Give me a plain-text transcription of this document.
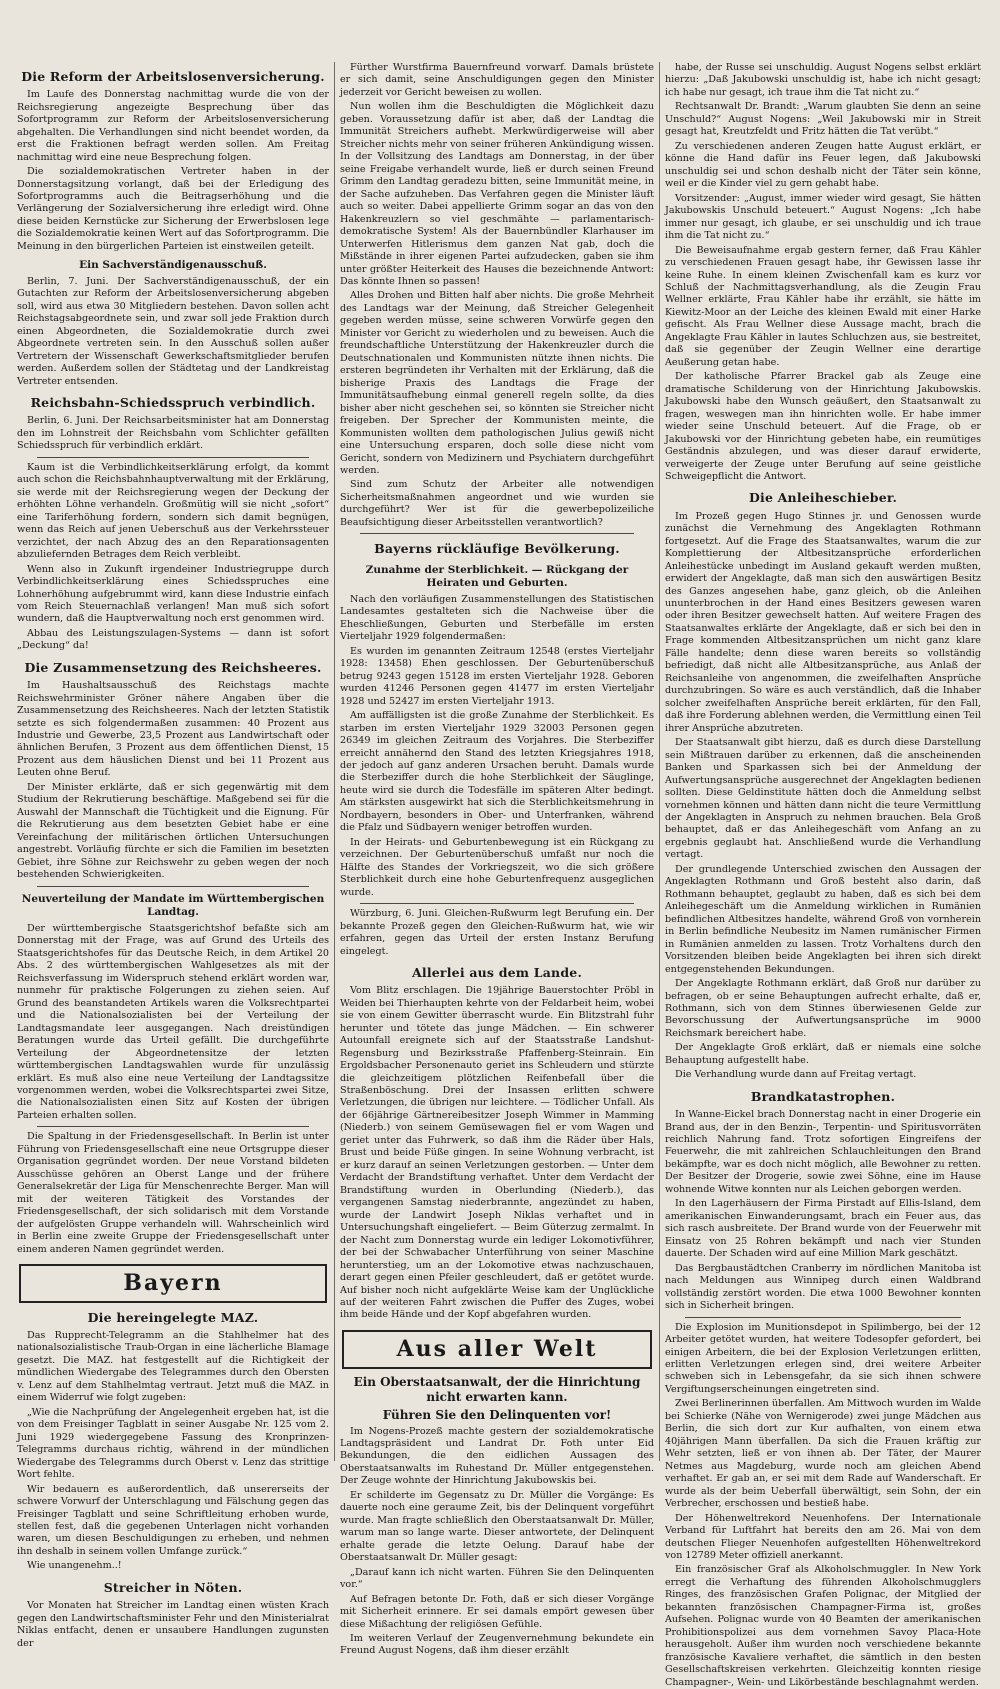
Die Reform der Arbeitslosenversicherung.

Im Laufe des Donnerstag nachmittag wurde die von der Reichsregierung angezeigte Besprechung über das Sofortprogramm zur Reform der Arbeitslosenversicherung abgehalten. Die Verhandlungen sind nicht beendet worden, da erst die Fraktionen befragt werden sollen. Am Freitag nachmittag wird eine neue Besprechung folgen.

Die sozialdemokratischen Vertreter haben in der Donnerstagsitzung vorlangt, daß bei der Erledigung des Sofortprogramms auch die Beitragserhöhung und die Verlängerung der Sozialversicherung ihre erledigt wird. Ohne diese beiden Kernstücke zur Sicherung der Erwerbslosen lege die Sozialdemokratie keinen Wert auf das Sofortprogramm. Die Meinung in den bürgerlichen Parteien ist einstweilen geteilt.

Ein Sachverständigenausschuß.

Berlin, 7. Juni. Der Sachverständigenausschuß, der ein Gutachten zur Reform der Arbeitslosenversicherung abgeben soll, wird aus etwa 30 Mitgliedern bestehen. Davon sollen acht Reichstagsabgeordnete sein, und zwar soll jede Fraktion durch einen Abgeordneten, die Sozialdemokratie durch zwei Abgeordnete vertreten sein. In den Ausschuß sollen außer Vertretern der Wissenschaft Gewerkschaftsmitglieder berufen werden. Außerdem sollen der Städtetag und der Landkreistag Vertreter entsenden.

Reichsbahn-Schiedsspruch verbindlich.

Berlin, 6. Juni. Der Reichsarbeitsminister hat am Donnerstag den im Lohnstreit der Reichsbahn vom Schlichter gefällten Schiedsspruch für verbindlich erklärt.

Kaum ist die Verbindlichkeitserklärung erfolgt, da kommt auch schon die Reichsbahnhauptverwaltung mit der Erklärung, sie werde mit der Reichsregierung wegen der Deckung der erhöhten Löhne verhandeln. Großmütig will sie nicht „sofort“ eine Tariferhöhung fordern, sondern sich damit begnügen, wenn das Reich auf jenen Ueberschuß aus der Verkehrssteuer verzichtet, der nach Abzug des an den Reparationsagenten abzuliefernden Betrages dem Reich verbleibt.

Wenn also in Zukunft irgendeiner Industriegruppe durch Verbindlichkeitserklärung eines Schiedsspruches eine Lohnerhöhung aufgebrummt wird, kann diese Industrie einfach vom Reich Steuernachlaß verlangen! Man muß sich sofort wundern, daß die Hauptverwaltung noch erst genommen wird.

Abbau des Leistungszulagen-Systems — dann ist sofort „Deckung“ da!

Die Zusammensetzung des Reichsheeres.

Im Haushaltsausschuß des Reichstags machte Reichswehrminister Gröner nähere Angaben über die Zusammensetzung des Reichsheeres. Nach der letzten Statistik setzte es sich folgendermaßen zusammen: 40 Prozent aus Industrie und Gewerbe, 23,5 Prozent aus Landwirtschaft oder ähnlichen Berufen, 3 Prozent aus dem öffentlichen Dienst, 15 Prozent aus dem häuslichen Dienst und bei 11 Prozent aus Leuten ohne Beruf.

Der Minister erklärte, daß er sich gegenwärtig mit dem Studium der Rekrutierung beschäftige. Maßgebend sei für die Auswahl der Mannschaft die Tüchtigkeit und die Eignung. Für die Rekrutierung aus dem besetzten Gebiet habe er eine Vereinfachung der militärischen örtlichen Untersuchungen angestrebt. Vorläufig fürchte er sich die Familien im besetzten Gebiet, ihre Söhne zur Reichswehr zu geben wegen der noch bestehenden Schwierigkeiten.

Neuverteilung der Mandate im Württembergischen Landtag.

Der württembergische Staatsgerichtshof befaßte sich am Donnerstag mit der Frage, was auf Grund des Urteils des Staatsgerichtshofes für das Deutsche Reich, in dem Artikel 20 Abs. 2 des württembergischen Wahlgesetzes als mit der Reichsverfassung im Widerspruch stehend erklärt worden war, nunmehr für praktische Folgerungen zu ziehen seien. Auf Grund des beanstandeten Artikels waren die Volksrechtpartei und die Nationalsozialisten bei der Verteilung der Landtagsmandate leer ausgegangen. Nach dreistündigen Beratungen wurde das Urteil gefällt. Die durchgeführte Verteilung der Abgeordnetensitze der letzten württembergischen Landtagswahlen wurde für unzulässig erklärt. Es muß also eine neue Verteilung der Landtagssitze vorgenommen werden, wobei die Volksrechtspartei zwei Sitze, die Nationalsozialisten einen Sitz auf Kosten der übrigen Parteien erhalten sollen.

Die Spaltung in der Friedensgesellschaft. In Berlin ist unter Führung von Friedensgesellschaft eine neue Ortsgruppe dieser Organisation gegründet worden. Der neue Vorstand bildeten Ausschüsse gehören an Oberst Lange und der frühere Generalsekretär der Liga für Menschenrechte Berger. Man will mit der weiteren Tätigkeit des Vorstandes der Friedensgesellschaft, der sich solidarisch mit dem Vorstande der aufgelösten Gruppe verhandeln will. Wahrscheinlich wird in Berlin eine zweite Gruppe der Friedensgesellschaft unter einem anderen Namen gegründet werden.

Bayern
Die hereingelegte MAZ.

Das Rupprecht-Telegramm an die Stahlhelmer hat des nationalsozialistische Traub-Organ in eine lächerliche Blamage gesetzt. Die MAZ. hat festgestellt auf die Richtigkeit der mündlichen Wiedergabe des Telegrammes durch den Obersten v. Lenz auf dem Stahlhelmtag vertraut. Jetzt muß die MAZ. in einem Widerruf wie folgt zugeben:

„Wie die Nachprüfung der Angelegenheit ergeben hat, ist die von dem Freisinger Tagblatt in seiner Ausgabe Nr. 125 vom 2. Juni 1929 wiedergegebene Fassung des Kronprinzen-Telegramms durchaus richtig, während in der mündlichen Wiedergabe des Telegramms durch Oberst v. Lenz das strittige Wort fehlte.

Wir bedauern es außerordentlich, daß unsererseits der schwere Vorwurf der Unterschlagung und Fälschung gegen das Freisinger Tagblatt und seine Schriftleitung erhoben wurde, stellen fest, daß die gegebenen Unterlagen nicht vorhanden waren, um diesen Beschuldigungen zu erheben, und nehmen ihn deshalb in seinem vollen Umfange zurück.“

Wie unangenehm..!

Streicher in Nöten.

Vor Monaten hat Streicher im Landtag einen wüsten Krach gegen den Landwirtschaftsminister Fehr und den Ministerialrat Niklas entfacht, denen er unsaubere Handlungen zugunsten der

Fürther Wurstfirma Bauernfreund vorwarf. Damals brüstete er sich damit, seine Anschuldigungen gegen den Minister jederzeit vor Gericht beweisen zu wollen.

Nun wollen ihm die Beschuldigten die Möglichkeit dazu geben. Voraussetzung dafür ist aber, daß der Landtag die Immunität Streichers aufhebt. Merkwürdigerweise will aber Streicher nichts mehr von seiner früheren Ankündigung wissen. In der Vollsitzung des Landtags am Donnerstag, in der über seine Freigabe verhandelt wurde, ließ er durch seinen Freund Grimm den Landtag geradezu bitten, seine Immunität meine, in der Sache aufzuheben. Das Verfahren gegen die Minister läuft auch so weiter. Dabei appellierte Grimm sogar an das von den Hakenkreuzlern so viel geschmähte — parlamentarisch-demokratische System! Als der Bauernbündler Klarhauser im Unterwerfen Hitlerismus dem ganzen Nat gab, doch die Mißstände in ihrer eigenen Partei aufzudecken, gaben sie ihm unter größter Heiterkeit des Hauses die bezeichnende Antwort: Das könnte Ihnen so passen!

Alles Drohen und Bitten half aber nichts. Die große Mehrheit des Landtags war der Meinung, daß Streicher Gelegenheit gegeben werden müsse, seine schweren Vorwürfe gegen den Minister vor Gericht zu wiederholen und zu beweisen. Auch die freundschaftliche Unterstützung der Hakenkreuzler durch die Deutschnationalen und Kommunisten nützte ihnen nichts. Die ersteren begründeten ihr Verhalten mit der Erklärung, daß die bisherige Praxis des Landtags die Frage der Immunitätsaufhebung einmal generell regeln sollte, da dies bisher aber nicht geschehen sei, so könnten sie Streicher nicht freigeben. Der Sprecher der Kommunisten meinte, die Kommunisten wollten dem pathologischen Julius gewiß nicht eine Untersuchung ersparen, doch solle diese nicht vom Gericht, sondern von Medizinern und Psychiatern durchgeführt werden.

Sind zum Schutz der Arbeiter alle notwendigen Sicherheitsmaßnahmen angeordnet und wie wurden sie durchgeführt? Wer ist für die gewerbepolizeiliche Beaufsichtigung dieser Arbeitsstellen verantwortlich?

Bayerns rückläufige Bevölkerung.
Zunahme der Sterblichkeit. — Rückgang der Heiraten und Geburten.

Nach den vorläufigen Zusammenstellungen des Statistischen Landesamtes gestalteten sich die Nachweise über die Eheschließungen, Geburten und Sterbefälle im ersten Vierteljahr 1929 folgendermaßen:

Es wurden im genannten Zeitraum 12548 (erstes Vierteljahr 1928: 13458) Ehen geschlossen. Der Geburtenüberschuß betrug 9243 gegen 15128 im ersten Vierteljahr 1928. Geboren wurden 41246 Personen gegen 41477 im ersten Vierteljahr 1928 und 52427 im ersten Vierteljahr 1913.

Am auffälligsten ist die große Zunahme der Sterblichkeit. Es starben im ersten Vierteljahr 1929 32003 Personen gegen 26349 im gleichen Zeitraum des Vorjahres. Die Sterbeziffer erreicht annähernd den Stand des letzten Kriegsjahres 1918, der jedoch auf ganz anderen Ursachen beruht. Damals wurde die Sterbeziffer durch die hohe Sterblichkeit der Säuglinge, heute wird sie durch die Todesfälle im späteren Alter bedingt. Am stärksten ausgewirkt hat sich die Sterblichkeitsmehrung in Nordbayern, besonders in Ober- und Unterfranken, während die Pfalz und Südbayern weniger betroffen wurden.

In der Heirats- und Geburtenbewegung ist ein Rückgang zu verzeichnen. Der Geburtenüberschuß umfaßt nur noch die Hälfte des Standes der Vorkriegszeit, wo die sich größere Sterblichkeit durch eine hohe Geburtenfrequenz ausgeglichen wurde.

Würzburg, 6. Juni. Gleichen-Rußwurm legt Berufung ein. Der bekannte Prozeß gegen den Gleichen-Rußwurm hat, wie wir erfahren, gegen das Urteil der ersten Instanz Berufung eingelegt.

Allerlei aus dem Lande.

Vom Blitz erschlagen. Die 19jährige Bauerstochter Pröbl in Weiden bei Thierhaupten kehrte von der Feldarbeit heim, wobei sie von einem Gewitter überrascht wurde. Ein Blitzstrahl fuhr herunter und tötete das junge Mädchen. — Ein schwerer Autounfall ereignete sich auf der Staatsstraße Landshut-Regensburg und Bezirksstraße Pfaffenberg-Steinrain. Ein Ergoldsbacher Personenauto geriet ins Schleudern und stürzte die gleichzeitigem plötzlichen Reifenbefall über die Straßenböschung. Drei der Insassen erlitten schwere Verletzungen, die übrigen nur leichtere. — Tödlicher Unfall. Als der 66jährige Gärtnereibesitzer Joseph Wimmer in Mamming (Niederb.) von seinem Gemüsewagen fiel er vom Wagen und geriet unter das Fuhrwerk, so daß ihm die Räder über Hals, Brust und beide Füße gingen. In seine Wohnung verbracht, ist er kurz darauf an seinen Verletzungen gestorben. — Unter dem Verdacht der Brandstiftung verhaftet. Unter dem Verdacht der Brandstiftung wurden in Oberlunding (Niederb.), das vergangenen Samstag niederbrannte, angezündet zu haben, wurde der Landwirt Joseph Niklas verhaftet und in Untersuchungshaft eingeliefert. — Beim Güterzug zermalmt. In der Nacht zum Donnerstag wurde ein lediger Lokomotivführer, der bei der Schwabacher Unterführung von seiner Maschine herunterstieg, um an der Lokomotive etwas nachzuschauen, derart gegen einen Pfeiler geschleudert, daß er getötet wurde. Auf bisher noch nicht aufgeklärte Weise kam der Unglückliche auf der weiteren Fahrt zwischen die Puffer des Zuges, wobei ihm beide Hände und der Kopf abgefahren wurden.

Aus aller Welt
Ein Oberstaatsanwalt, der die Hinrichtung nicht erwarten kann.
Führen Sie den Delinquenten vor!

Im Nogens-Prozeß machte gestern der sozialdemokratische Landtagspräsident und Landrat Dr. Foth unter Eid Bekundungen, die den eidlichen Aussagen des Oberstaatsanwalts im Ruhestand Dr. Müller entgegenstehen. Der Zeuge wohnte der Hinrichtung Jakubowskis bei.

Er schilderte im Gegensatz zu Dr. Müller die Vorgänge: Es dauerte noch eine geraume Zeit, bis der Delinquent vorgeführt wurde. Man fragte schließlich den Oberstaatsanwalt Dr. Müller, warum man so lange warte. Dieser antwortete, der Delinquent erhalte gerade die letzte Oelung. Darauf habe der Oberstaatsanwalt Dr. Müller gesagt:

„Darauf kann ich nicht warten. Führen Sie den Delinquenten vor.“

Auf Befragen betonte Dr. Foth, daß er sich dieser Vorgänge mit Sicherheit erinnere. Er sei damals empört gewesen über diese Mißachtung der religiösen Gefühle.

Im weiteren Verlauf der Zeugenvernehmung bekundete ein Freund August Nogens, daß ihm dieser erzählt

habe, der Russe sei unschuldig. August Nogens selbst erklärt hierzu: „Daß Jakubowski unschuldig ist, habe ich nicht gesagt; ich habe nur gesagt, ich traue ihm die Tat nicht zu.“

Rechtsanwalt Dr. Brandt: „Warum glaubten Sie denn an seine Unschuld?“ August Nogens: „Weil Jakubowski mir in Streit gesagt hat, Kreutzfeldt und Fritz hätten die Tat verübt.“

Zu verschiedenen anderen Zeugen hatte August erklärt, er könne die Hand dafür ins Feuer legen, daß Jakubowski unschuldig sei und schon deshalb nicht der Täter sein könne, weil er die Kinder viel zu gern gehabt habe.

Vorsitzender: „August, immer wieder wird gesagt, Sie hätten Jakubowskis Unschuld beteuert.“ August Nogens: „Ich habe immer nur gesagt, ich glaube, er sei unschuldig und ich traue ihm die Tat nicht zu.“

Die Beweisaufnahme ergab gestern ferner, daß Frau Kähler zu verschiedenen Frauen gesagt habe, ihr Gewissen lasse ihr keine Ruhe. In einem kleinen Zwischenfall kam es kurz vor Schluß der Nachmittagsverhandlung, als die Zeugin Frau Wellner erklärte, Frau Kähler habe ihr erzählt, sie hätte im Kiewitz-Moor an der Leiche des kleinen Ewald mit einer Harke gefischt. Als Frau Wellner diese Aussage macht, brach die Angeklagte Frau Kähler in lautes Schluchzen aus, sie bestreitet, daß sie gegenüber der Zeugin Wellner eine derartige Aeußerung getan habe.

Der katholische Pfarrer Brackel gab als Zeuge eine dramatische Schilderung von der Hinrichtung Jakubowskis. Jakubowski habe den Wunsch geäußert, den Staatsanwalt zu fragen, weswegen man ihn hinrichten wolle. Er habe immer wieder seine Unschuld beteuert. Auf die Frage, ob er Jakubowski vor der Hinrichtung gebeten habe, ein reumütiges Geständnis abzulegen, und was dieser darauf erwiderte, verweigerte der Zeuge unter Berufung auf seine geistliche Schweigepflicht die Antwort.

Die Anleiheschieber.

Im Prozeß gegen Hugo Stinnes jr. und Genossen wurde zunächst die Vernehmung des Angeklagten Rothmann fortgesetzt. Auf die Frage des Staatsanwaltes, warum die zur Komplettierung der Altbesitzansprüche erforderlichen Anleihestücke unbedingt im Ausland gekauft werden mußten, erwidert der Angeklagte, daß man sich den auswärtigen Besitz des Ganzes angesehen habe, ganz gleich, ob die Anleihen ununterbrochen in der Hand eines Besitzers gewesen waren oder ihren Besitzer gewechselt hatten. Auf weitere Fragen des Staatsanwaltes erklärte der Angeklagte, daß er sich bei den in Frage kommenden Altbesitzansprüchen um nicht ganz klare Fälle handelte; denn diese waren bereits so vollständig befriedigt, daß nicht alle Altbesitzansprüche, aus Anlaß der Reichsanleihe von angenommen, die zweifelhaften Ansprüche durchzubringen. So wäre es auch verständlich, daß die Inhaber solcher zweifelhaften Ansprüche bereit erklärten, für den Fall, daß ihre Forderung ablehnen werden, die Vermittlung einen Teil ihrer Ansprüche abzutreten.

Der Staatsanwalt gibt hierzu, daß es durch diese Darstellung sein Mißtrauen darüber zu erkennen, daß die anscheinenden Banken und Sparkassen sich bei der Anmeldung der Aufwertungsansprüche ausgerechnet der Angeklagten bedienen sollten. Diese Geldinstitute hätten doch die Anmeldung selbst vornehmen können und hätten dann nicht die teure Vermittlung der Angeklagten in Anspruch zu nehmen brauchen. Bela Groß behauptet, daß er das Anleihegeschäft vom Anfang an zu ergebnis geglaubt hat. Anschließend wurde die Verhandlung vertagt.

Der grundlegende Unterschied zwischen den Aussagen der Angeklagten Rothmann und Groß besteht also darin, daß Rothmann behauptet, geglaubt zu haben, daß es sich bei dem Anleihegeschäft um die Anmeldung wirklichen in Rumänien befindlichen Altbesitzes handelte, während Groß von vornherein in Berlin befindliche Neubesitz im Namen rumänischer Firmen in Rumänien anmelden zu lassen. Trotz Vorhaltens durch den Vorsitzenden bleiben beide Angeklagten bei ihren sich direkt entgegenstehenden Bekundungen.

Der Angeklagte Rothmann erklärt, daß Groß nur darüber zu befragen, ob er seine Behauptungen aufrecht erhalte, daß er, Rothmann, sich von dem Stinnes überwiesenen Gelde zur Bevorschussung der Aufwertungsansprüche im 9000 Reichsmark bereichert habe.

Der Angeklagte Groß erklärt, daß er niemals eine solche Behauptung aufgestellt habe.

Die Verhandlung wurde dann auf Freitag vertagt.

Brandkatastrophen.

In Wanne-Eickel brach Donnerstag nacht in einer Drogerie ein Brand aus, der in den Benzin-, Terpentin- und Spiritusvorräten reichlich Nahrung fand. Trotz sofortigen Eingreifens der Feuerwehr, die mit zahlreichen Schlauchleitungen den Brand bekämpfte, war es doch nicht möglich, alle Bewohner zu retten. Der Besitzer der Drogerie, sowie zwei Söhne, eine im Hause wohnende Witwe konnten nur als Leichen geborgen werden.

In den Lagerhäusern der Firma Pirstadt auf Ellis-Island, dem amerikanischen Einwanderungsamt, brach ein Feuer aus, das sich rasch ausbreitete. Der Brand wurde von der Feuerwehr mit Einsatz von 25 Rohren bekämpft und nach vier Stunden dauerte. Der Schaden wird auf eine Million Mark geschätzt.

Das Bergbaustädtchen Cranberry im nördlichen Manitoba ist nach Meldungen aus Winnipeg durch einen Waldbrand vollständig zerstört worden. Die etwa 1000 Bewohner konnten sich in Sicherheit bringen.

Die Explosion im Munitionsdepot in Spilimbergo, bei der 12 Arbeiter getötet wurden, hat weitere Todesopfer gefordert, bei einigen Arbeitern, die bei der Explosion Verletzungen erlitten, erlitten Verletzungen erlegen sind, drei weitere Arbeiter schweben sich in Lebensgefahr, da sie sich ihnen schwere Vergiftungserscheinungen eingetreten sind.

Zwei Berlinerinnen überfallen. Am Mittwoch wurden im Walde bei Schierke (Nähe von Wernigerode) zwei junge Mädchen aus Berlin, die sich dort zur Kur aufhalten, von einem etwa 40jährigen Mann überfallen. Da sich die Frauen kräftig zur Wehr setzten, ließ er von ihnen ab. Der Täter, der Maurer Netmes aus Magdeburg, wurde noch am gleichen Abend verhaftet. Er gab an, er sei mit dem Rade auf Wanderschaft. Er wurde als der beim Ueberfall überwältigt, sein Sohn, der ein Verbrecher, erschossen und bestieß habe.

Der Höhenweltrekord Neuenhofens. Der Internationale Verband für Luftfahrt hat bereits den am 26. Mai von dem deutschen Flieger Neuenhofen aufgestellten Höhenweltrekord von 12789 Meter offiziell anerkannt.

Ein französischer Graf als Alkoholschmuggler. In New York erregt die Verhaftung des führenden Alkoholschmugglers Ringes, des französischen Grafen Polignac, der Mitglied der bekannten französischen Champagner-Firma ist, großes Aufsehen. Polignac wurde von 40 Beamten der amerikanischen Prohibitionspolizei aus dem vornehmen Savoy Placa-Hote herausgeholt. Außer ihm wurden noch verschiedene bekannte französische Kavaliere verhaftet, die sämtlich in den besten Gesellschaftskreisen verkehrten. Gleichzeitig konnten riesige Champagner-, Wein- und Likörbestände beschlagnahmt werden.
